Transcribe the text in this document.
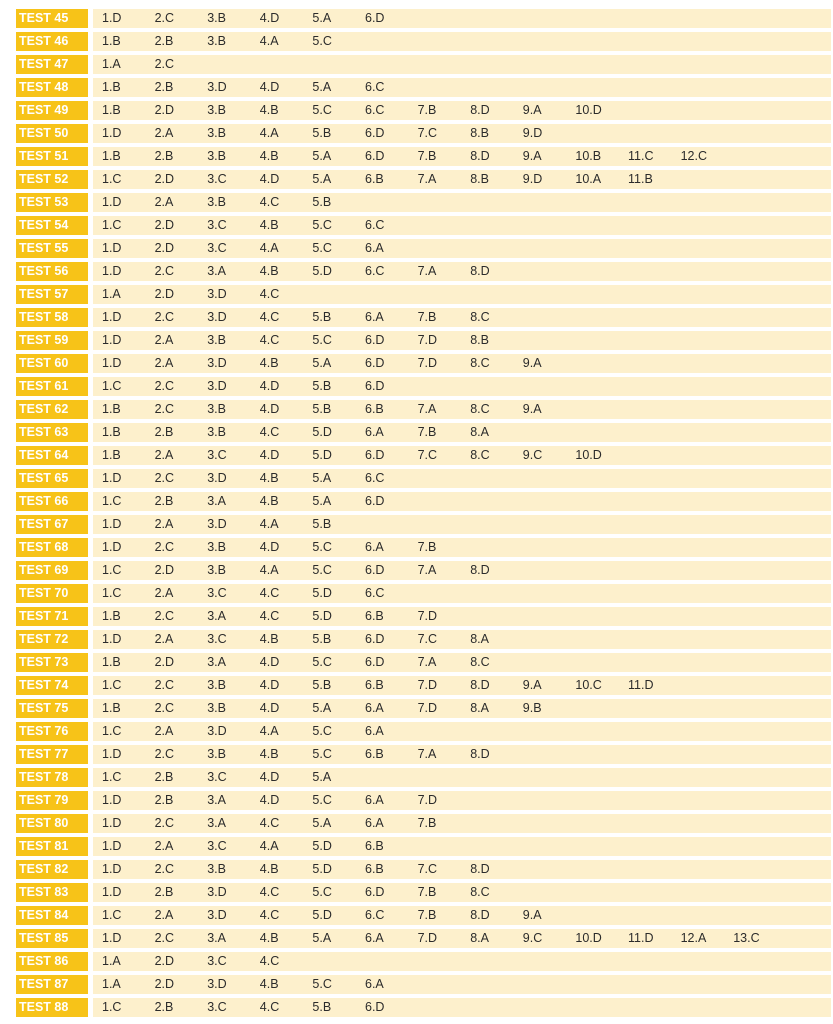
TEST 45	1.D	2.C	3.B	4.D	5.A	6.D
TEST 46	1.B	2.B	3.B	4.A	5.C
TEST 47	1.A	2.C
TEST 48	1.B	2.B	3.D	4.D	5.A	6.C
TEST 49	1.B	2.D	3.B	4.B	5.C	6.C	7.B	8.D	9.A	10.D
TEST 50	1.D	2.A	3.B	4.A	5.B	6.D	7.C	8.B	9.D
TEST 51	1.B	2.B	3.B	4.B	5.A	6.D	7.B	8.D	9.A	10.B 11.C 12.C
TEST 52	1.C	2.D	3.C	4.D	5.A	6.B	7.A	8.B	9.D	10.A 11.B
TEST 53	1.D	2.A	3.B	4.C	5.B
TEST 54	1.C	2.D	3.C	4.B	5.C	6.C
TEST 55	1.D	2.D	3.C	4.A	5.C	6.A
TEST 56	1.D	2.C	3.A	4.B	5.D	6.C	7.A	8.D
TEST 57	1.A	2.D	3.D	4.C
TEST 58	1.D	2.C	3.D	4.C	5.B	6.A	7.B	8.C
TEST 59	1.D	2.A	3.B	4.C	5.C	6.D	7.D	8.B
TEST 60	1.D	2.A	3.D	4.B	5.A	6.D	7.D	8.C	9.A
TEST 61	1.C	2.C	3.D	4.D	5.B	6.D
TEST 62	1.B	2.C	3.B	4.D	5.B	6.B	7.A	8.C	9.A
TEST 63	1.B	2.B	3.B	4.C	5.D	6.A	7.B	8.A
TEST 64	1.B	2.A	3.C	4.D	5.D	6.D	7.C	8.C	9.C	10.D
TEST 65	1.D	2.C	3.D	4.B	5.A	6.C
TEST 66	1.C	2.B	3.A	4.B	5.A	6.D
TEST 67	1.D	2.A	3.D	4.A	5.B
TEST 68	1.D	2.C	3.B	4.D	5.C	6.A	7.B
TEST 69	1.C	2.D	3.B	4.A	5.C	6.D	7.A	8.D
TEST 70	1.C	2.A	3.C	4.C	5.D	6.C
TEST 71	1.B	2.C	3.A	4.C	5.D	6.B	7.D
TEST 72	1.D	2.A	3.C	4.B	5.B	6.D	7.C	8.A
TEST 73	1.B	2.D	3.A	4.D	5.C	6.D	7.A	8.C
TEST 74	1.C	2.C	3.B	4.D	5.B	6.B	7.D	8.D	9.A	10.C 11.D
TEST 75	1.B	2.C	3.B	4.D	5.A	6.A	7.D	8.A	9.B
TEST 76	1.C	2.A	3.D	4.A	5.C	6.A
TEST 77	1.D	2.C	3.B	4.B	5.C	6.B	7.A	8.D
TEST 78	1.C	2.B	3.C	4.D	5.A
TEST 79	1.D	2.B	3.A	4.D	5.C	6.A	7.D
TEST 80	1.D	2.C	3.A	4.C	5.A	6.A	7.B
TEST 81	1.D	2.A	3.C	4.A	5.D	6.B
TEST 82	1.D	2.C	3.B	4.B	5.D	6.B	7.C	8.D
TEST 83	1.D	2.B	3.D	4.C	5.C	6.D	7.B	8.C
TEST 84	1.C	2.A	3.D	4.C	5.D	6.C	7.B	8.D	9.A
TEST 85	1.D	2.C	3.A	4.B	5.A	6.A	7.D	8.A	9.C	10.D 11.D 12.A 13.C
TEST 86	1.A	2.D	3.C	4.C
TEST 87	1.A	2.D	3.D	4.B	5.C	6.A
TEST 88	1.C	2.B	3.C	4.C	5.B	6.D
